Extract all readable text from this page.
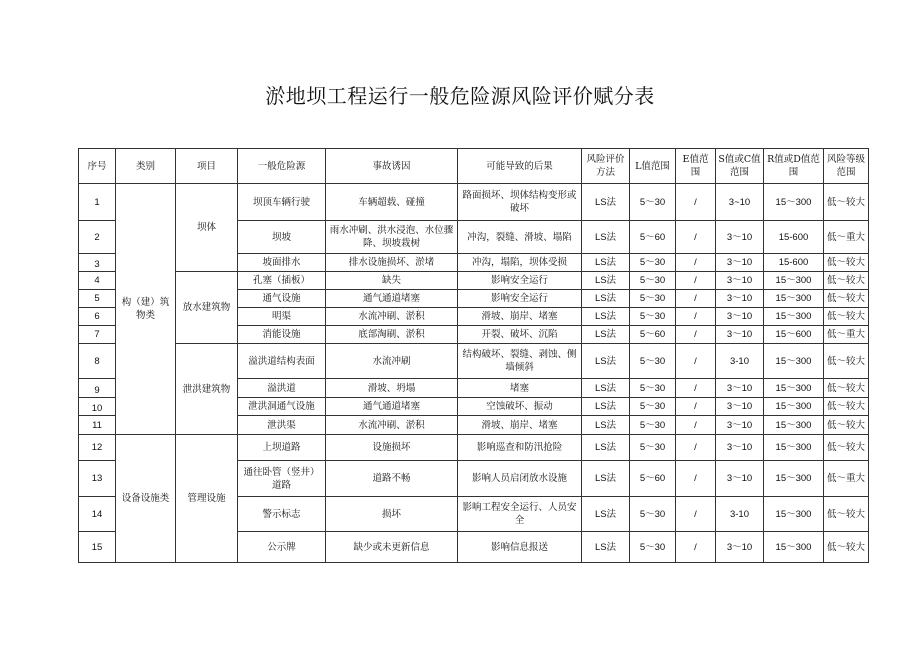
淤地坝工程运行一般危险源风险评价赋分表
序号	类别	项目	一般危险源	事故诱因	可能导致的后果	风险评价方法	L值范围	E值范围	S值或C值范围	R值或D值范围	风险等级范围
1	构（建）筑物类	坝体	坝顶车辆行驶	车辆超载、碰撞	路面损坏、坝体结构变形或破坏	LS法	5～30	/	3~10	15～300	低～较大
2			坝坡	雨水冲刷、洪水浸泡、水位骤降、坝坡栽树	冲沟，裂缝、滑坡、塌陷	LS法	5～60	/	3～10	15-600	低～重大
3			坡面排水	排水设施损坏、淤堵	冲沟，塌陷，坝体受损	LS法	5～30	/	3～10	15-600	低～较大
4		放水建筑物	孔塞（插板）	缺失	影响安全运行	LS法	5～30	/	3～10	15～300	低～较大
5			通气设施	通气通道堵塞	影响安全运行	LS法	5～30	/	3～10	15～300	低～较大
6			明渠	水流冲刷、淤积	滑坡、崩岸、堵塞	LS法	5～30	/	3～10	15～300	低～较大
7			消能设施	底部淘刷、淤积	开裂、破坏、沉陷	LS法	5～60	/	3～10	15～600	低～重大
8		泄洪建筑物	溢洪道结构表面	水流冲刷	结构破坏、裂缝、剥蚀、侧墙倾斜	LS法	5～30	/	3-10	15～300	低～较大
9			溢洪道	滑坡、坍塌	堵塞	LS法	5～30	/	3～10	15～300	低～较大
10			泄洪洞通气设施	通气通道堵塞	空蚀破坏、振动	LS法	5～30	/	3～10	15～300	低～较大
11			泄洪渠	水流冲刷、淤积	滑坡、崩岸、堵塞	LS法	5～30	/	3～10	15～300	低～较大
12	设备设施类	管理设施	上坝道路	设施损坏	影响巡查和防汛抢险	LS法	5～30	/	3～10	15～300	低～较大
13			通往卧管（竖井）道路	道路不畅	影响人员启闭放水设施	LS法	5～60	/	3～10	15～300	低～重大
14			警示标志	损坏	影响工程安全运行、人员安全	LS法	5～30	/	3-10	15～300	低～较大
15			公示牌	缺少或未更新信息	影响信息报送	LS法	5～30	/	3～10	15～300	低～较大
